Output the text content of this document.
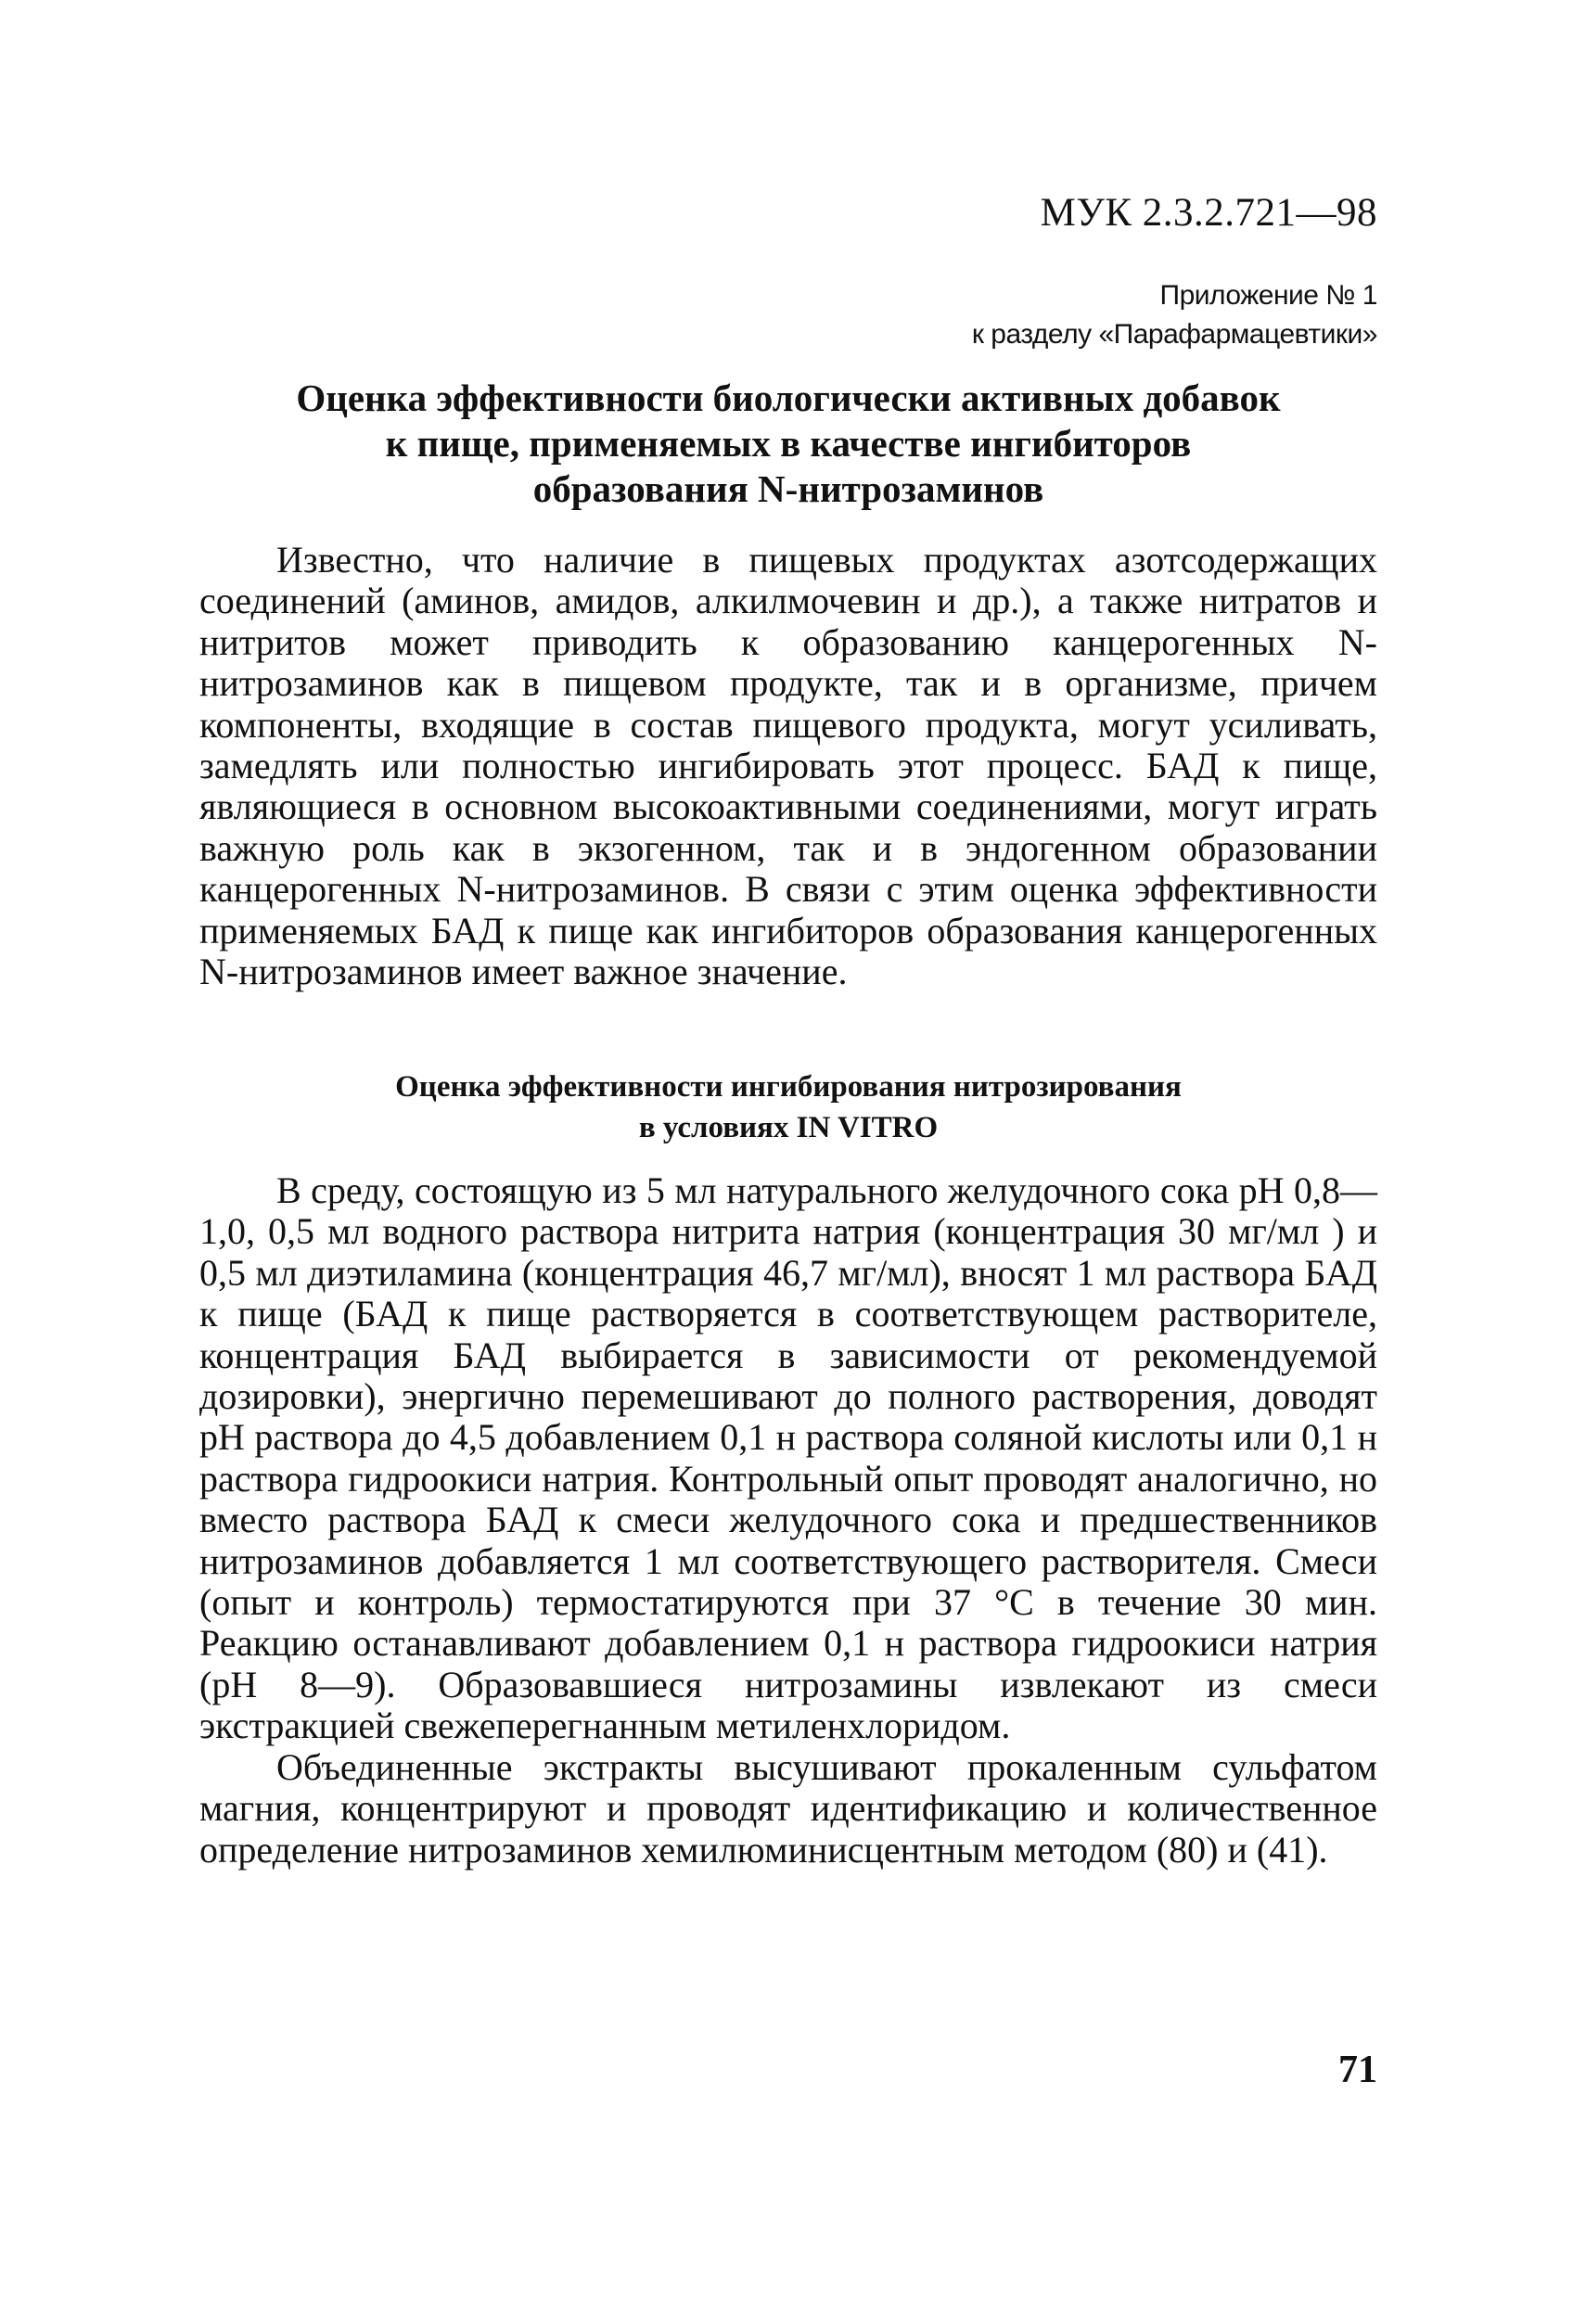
МУК 2.3.2.721—98
Приложение № 1
к разделу «Парафармацевтики»
Оценка эффективности биологически активных добавок
к пище, применяемых в качестве ингибиторов
образования N-нитрозаминов

Известно, что наличие в пищевых продуктах азотсодержащих соединений (аминов, амидов, алкилмочевин и др.), а также нитратов и нитритов может приводить к образованию канцерогенных N-нитрозаминов как в пищевом продукте, так и в организме, причем компоненты, входящие в состав пищевого продукта, могут усиливать, замедлять или полностью ингибировать этот процесс. БАД к пище, являющиеся в основном высокоактивными соединениями, могут играть важную роль как в экзогенном, так и в эндогенном образовании канцерогенных N-нитрозаминов. В связи с этим оценка эффективности применяемых БАД к пище как ингибиторов образования канцерогенных N-нитрозаминов имеет важное значение.

Оценка эффективности ингибирования нитрозирования
в условиях IN VITRO

В среду, состоящую из 5 мл натурального желудочного сока pH 0,8—1,0, 0,5 мл водного раствора нитрита натрия (концентрация 30 мг/мл ) и 0,5 мл диэтиламина (концентрация 46,7 мг/мл), вносят 1 мл раствора БАД к пище (БАД к пище растворяется в соответствующем растворителе, концентрация БАД выбирается в зависимости от рекомендуемой дозировки), энергично перемешивают до полного растворения, доводят pH раствора до 4,5 добавлением 0,1 н раствора соляной кислоты или 0,1 н раствора гидроокиси натрия. Контрольный опыт проводят аналогично, но вместо раствора БАД к смеси желудочного сока и предшественников нитрозаминов добавляется 1 мл соответствующего растворителя. Смеси (опыт и контроль) термостатируются при 37 °С в течение 30 мин. Реакцию останавливают добавлением 0,1 н раствора гидроокиси натрия (pH 8—9). Образовавшиеся нитрозамины извлекают из смеси экстракцией свежеперегнанным метиленхлоридом.

Объединенные экстракты высушивают прокаленным сульфатом магния, концентрируют и проводят идентификацию и количественное определение нитрозаминов хемилюминисцентным методом (80) и (41).

71
